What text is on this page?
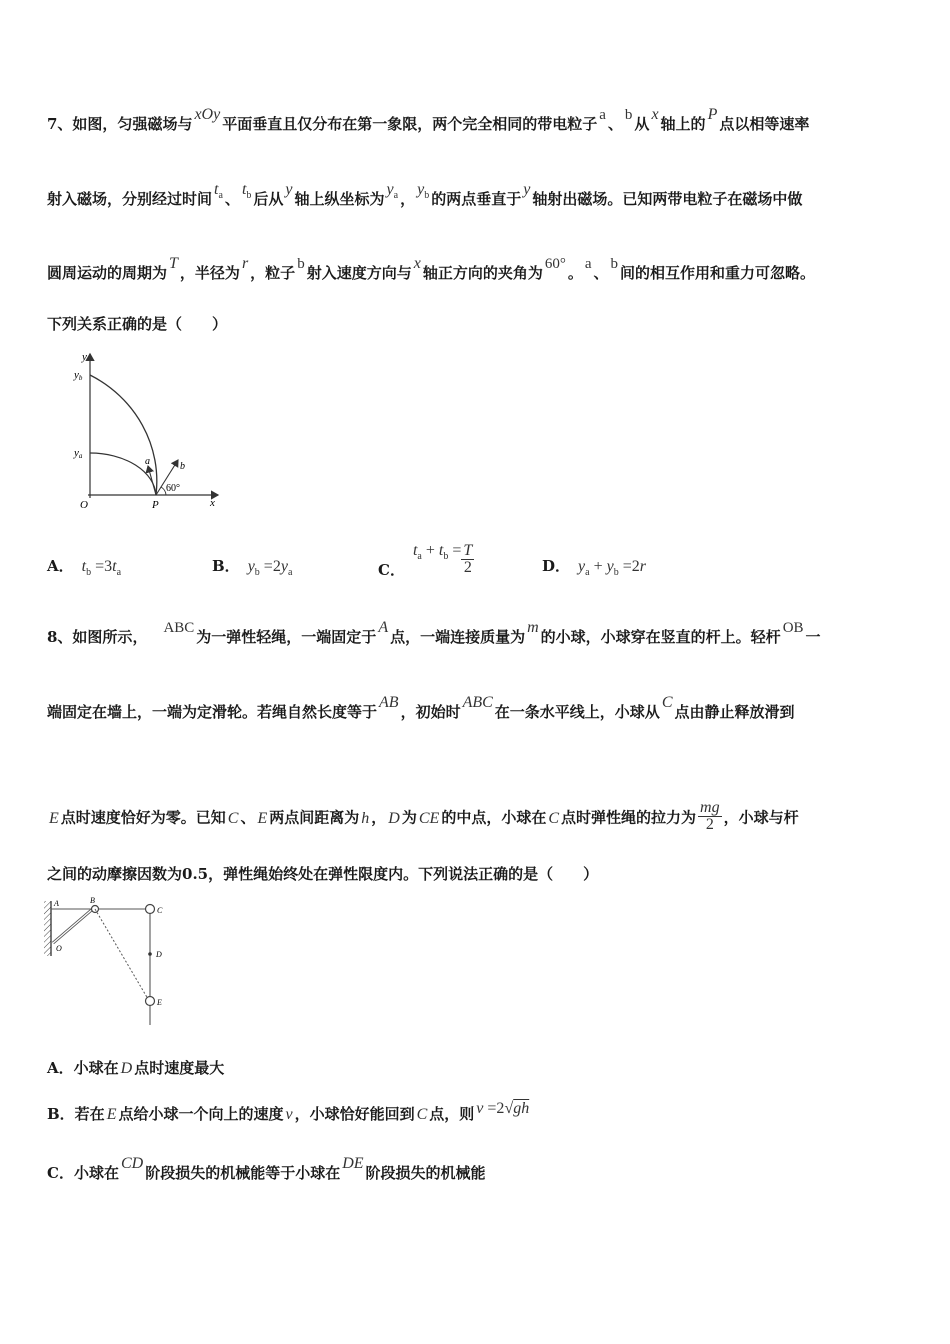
7、如图，匀强磁场与xOy平面垂直且仅分布在第一象限，两个完全相同的带电粒子 a 、 b 从x轴上的P点以相等速率
射入磁场，分别经过时间$t_a$ 、$t_b$ 后从y轴上纵坐标为$y_a$ ，$y_b$ 的两点垂直于y轴射出磁场。已知两带电粒子在磁场中做
圆周运动的周期为T，半径为r，粒子 b 射入速度方向与x轴正方向的夹角为 60° 。 a 、 b 间的相互作用和重力可忽略。
下列关系正确的是（　　）
y
yb
ya
O	P	x
a	b
60°
A． $t_b =3t_a$	B． $y_b =2y_a$	C．$t_a + t_b = \frac{T}{2}$	D． $y_a + y_b =2r$
8、如图所示， ABC 为一弹性轻绳，一端固定于A点，一端连接质量为m的小球，小球穿在竖直的杆上。轻杆 OB 一
端固定在墙上，一端为定滑轮。若绳自然长度等于AB，初始时ABC在一条水平线上，小球从C点由静止释放滑到
E 点时速度恰好为零。已知 C 、 E 两点间距离为 h ， D 为 CE 的中点，小球在 C 点时弹性绳的拉力为 $\frac{mg}{2}$ ，小球与杆
之间的动摩擦因数为0.5，弹性绳始终处在弹性限度内。下列说法正确的是（　　）
A	B
C
D
E
O
A．小球在 D 点时速度最大
B．若在 E 点给小球一个向上的速度 v ，小球恰好能回到 C 点，则 v =2√gh
C．小球在CD阶段损失的机械能等于小球在DE阶段损失的机械能
